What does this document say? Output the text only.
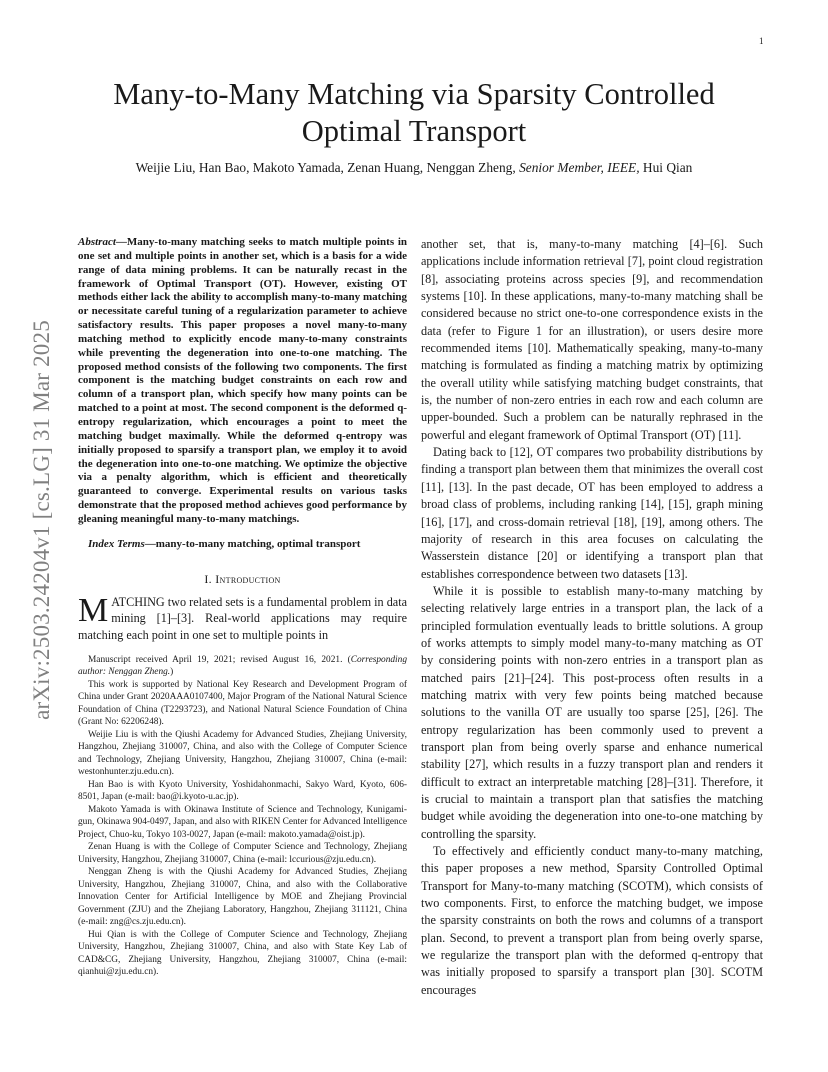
1
arXiv:2503.24204v1 [cs.LG] 31 Mar 2025
Many-to-Many Matching via Sparsity Controlled
Optimal Transport
Weijie Liu, Han Bao, Makoto Yamada, Zenan Huang, Nenggan Zheng, Senior Member, IEEE, Hui Qian

Abstract—Many-to-many matching seeks to match multiple points in one set and multiple points in another set, which is a basis for a wide range of data mining problems. It can be naturally recast in the framework of Optimal Transport (OT). However, existing OT methods either lack the ability to accomplish many-to-many matching or necessitate careful tuning of a regularization parameter to achieve satisfactory results. This paper proposes a novel many-to-many matching method to explicitly encode many-to-many constraints while preventing the degeneration into one-to-one matching. The proposed method consists of the following two components. The first component is the matching budget constraints on each row and column of a transport plan, which specify how many points can be matched to a point at most. The second component is the deformed q-entropy regularization, which encourages a point to meet the matching budget maximally. While the deformed q-entropy was initially proposed to sparsify a transport plan, we employ it to avoid the degeneration into one-to-one matching. We optimize the objective via a penalty algorithm, which is efficient and theoretically guaranteed to converge. Experimental results on various tasks demonstrate that the proposed method achieves good performance by gleaning meaningful many-to-many matchings.

Index Terms—many-to-many matching, optimal transport

I. Introduction

MATCHING two related sets is a fundamental problem in data mining [1]–[3]. Real-world applications may require matching each point in one set to multiple points in

Manuscript received April 19, 2021; revised August 16, 2021. (Corresponding author: Nenggan Zheng.)

This work is supported by National Key Research and Development Program of China under Grant 2020AAA0107400, Major Program of the National Natural Science Foundation of China (T2293723), and National Natural Science Foundation of China (Grant No: 62206248).

Weijie Liu is with the Qiushi Academy for Advanced Studies, Zhejiang University, Hangzhou, Zhejiang 310007, China, and also with the College of Computer Science and Technology, Zhejiang University, Hangzhou, Zhejiang 310007, China (e-mail: westonhunter.zju.edu.cn).

Han Bao is with Kyoto University, Yoshidahonmachi, Sakyo Ward, Kyoto, 606-8501, Japan (e-mail: bao@i.kyoto-u.ac.jp).

Makoto Yamada is with Okinawa Institute of Science and Technology, Kunigami-gun, Okinawa 904-0497, Japan, and also with RIKEN Center for Advanced Intelligence Project, Chuo-ku, Tokyo 103-0027, Japan (e-mail: makoto.yamada@oist.jp).

Zenan Huang is with the College of Computer Science and Technology, Zhejiang University, Hangzhou, Zhejiang 310007, China (e-mail: lccurious@zju.edu.cn).

Nenggan Zheng is with the Qiushi Academy for Advanced Studies, Zhejiang University, Hangzhou, Zhejiang 310007, China, and also with the Collaborative Innovation Center for Artificial Intelligence by MOE and Zhejiang Provincial Government (ZJU) and the Zhejiang Laboratory, Hangzhou, Zhejiang 311121, China (e-mail: zng@cs.zju.edu.cn).

Hui Qian is with the College of Computer Science and Technology, Zhejiang University, Hangzhou, Zhejiang 310007, China, and also with State Key Lab of CAD&CG, Zhejiang University, Hangzhou, Zhejiang 310007, China (e-mail: qianhui@zju.edu.cn).

another set, that is, many-to-many matching [4]–[6]. Such applications include information retrieval [7], point cloud registration [8], associating proteins across species [9], and recommendation systems [10]. In these applications, many-to-many matching shall be considered because no strict one-to-one correspondence exists in the data (refer to Figure 1 for an illustration), or users desire more recommended items [10]. Mathematically speaking, many-to-many matching is formulated as finding a matching matrix by optimizing the overall utility while satisfying matching budget constraints, that is, the number of non-zero entries in each row and each column are upper-bounded. Such a problem can be naturally rephrased in the powerful and elegant framework of Optimal Transport (OT) [11].

Dating back to [12], OT compares two probability distributions by finding a transport plan between them that minimizes the overall cost [11], [13]. In the past decade, OT has been employed to address a broad class of problems, including ranking [14], [15], graph mining [16], [17], and cross-domain retrieval [18], [19], among others. The majority of research in this area focuses on calculating the Wasserstein distance [20] or identifying a transport plan that establishes correspondence between two datasets [13].

While it is possible to establish many-to-many matching by selecting relatively large entries in a transport plan, the lack of a principled formulation eventually leads to brittle solutions. A group of works attempts to simply model many-to-many matching as OT by considering points with non-zero entries in a transport plan as matched pairs [21]–[24]. This post-process often results in a matching matrix with very few points being matched because solutions to the vanilla OT are usually too sparse [25], [26]. The entropy regularization has been commonly used to prevent a transport plan from being overly sparse and enhance numerical stability [27], which results in a fuzzy transport plan and renders it difficult to extract an interpretable matching [28]–[31]. Therefore, it is crucial to maintain a transport plan that satisfies the matching budget while avoiding the degeneration into one-to-one matching by controlling the sparsity.

To effectively and efficiently conduct many-to-many matching, this paper proposes a new method, Sparsity Controlled Optimal Transport for Many-to-many matching (SCOTM), which consists of two components. First, to enforce the matching budget, we impose the sparsity constraints on both the rows and columns of a transport plan. Second, to prevent a transport plan from being overly sparse, we regularize the transport plan with the deformed q-entropy that was initially proposed to sparsify a transport plan [30]. SCOTM encourages
